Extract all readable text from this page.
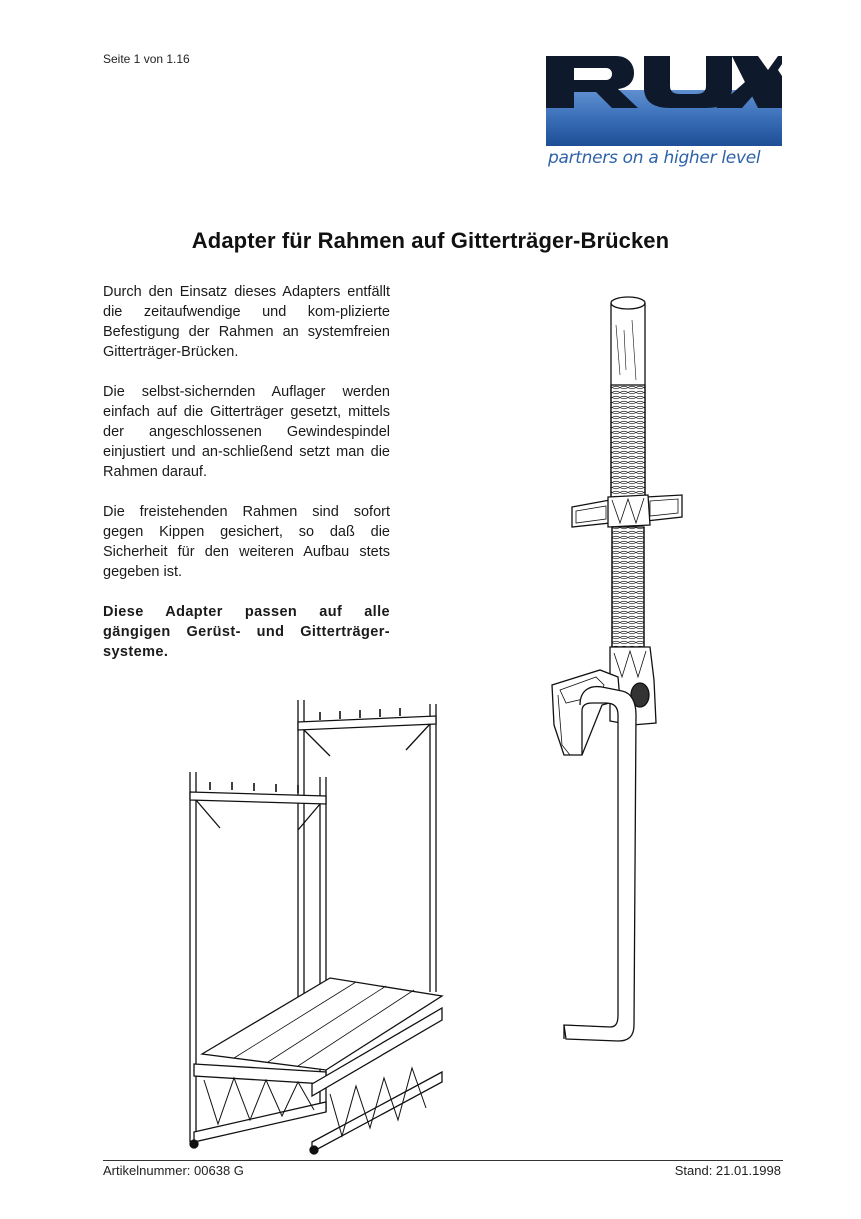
Seite 1 von 1.16
partners on a higher level
Adapter für Rahmen auf Gitterträger-Brücken

Durch den Einsatz dieses Adapters entfällt die zeitaufwendige und kom-plizierte Befestigung der Rahmen an systemfreien Gitterträger-Brücken.

Die selbst-sichernden Auflager werden einfach auf die Gitterträger gesetzt, mittels der angeschlossenen Gewindespindel einjustiert und an-schließend setzt man die Rahmen darauf.

Die freistehenden Rahmen sind sofort gegen Kippen gesichert, so daß die Sicherheit für den weiteren Aufbau stets gegeben ist.

Diese Adapter passen auf alle gängigen Gerüst- und Gitterträger-systeme.

Artikelnummer: 00638 G	Stand: 21.01.1998
